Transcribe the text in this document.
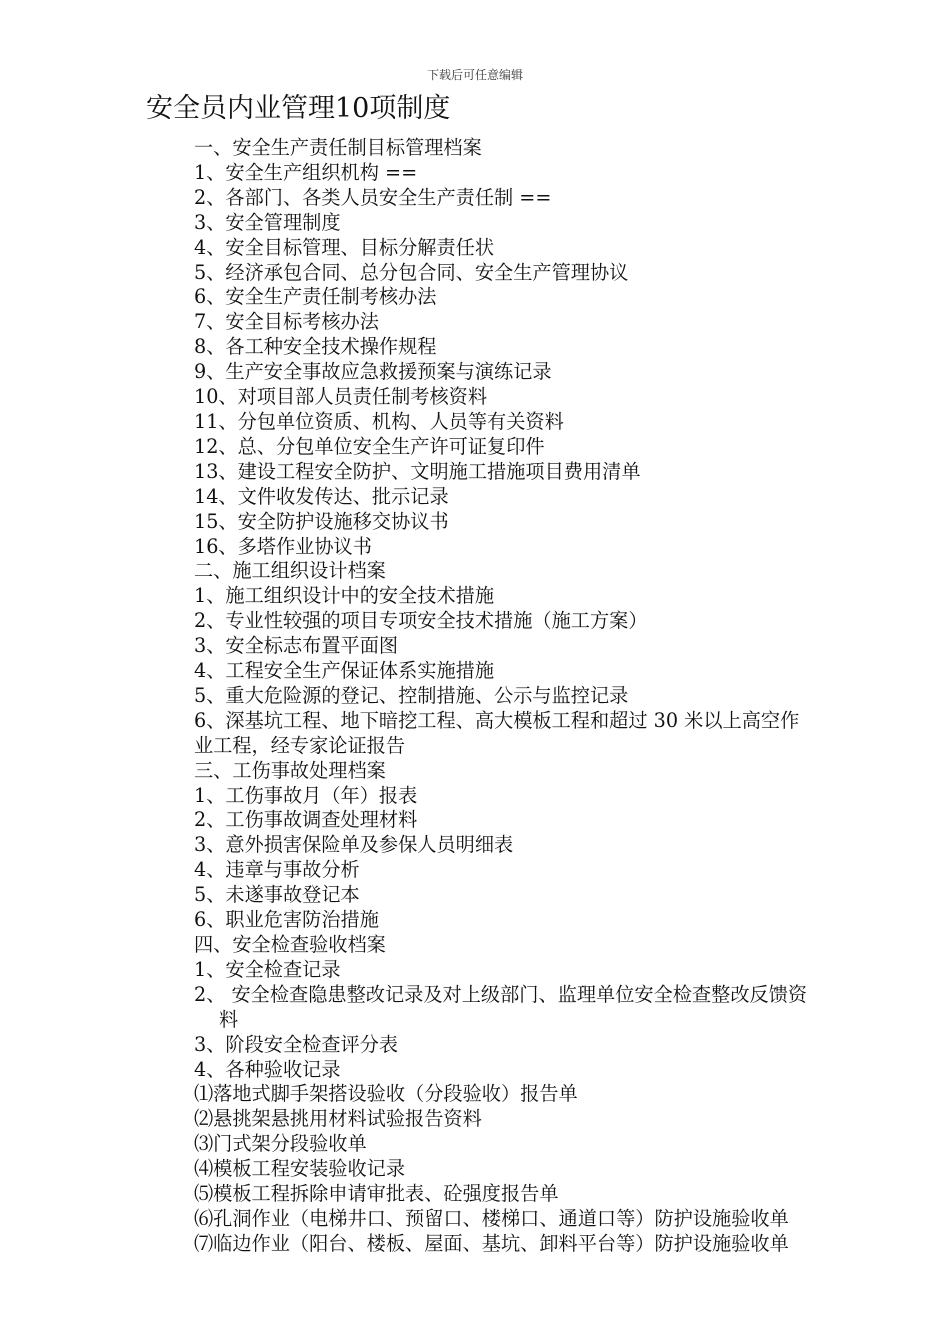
下载后可任意编辑
安全员内业管理10项制度
一、安全生产责任制目标管理档案
1、安全生产组织机构 ==
2、各部门、各类人员安全生产责任制 ==
3、安全管理制度
4、安全目标管理、目标分解责任状
5、经济承包合同、总分包合同、安全生产管理协议
6、安全生产责任制考核办法
7、安全目标考核办法
8、各工种安全技术操作规程
9、生产安全事故应急救援预案与演练记录
10、对项目部人员责任制考核资料
11、分包单位资质、机构、人员等有关资料
12、总、分包单位安全生产许可证复印件
13、建设工程安全防护、文明施工措施项目费用清单
14、文件收发传达、批示记录
15、安全防护设施移交协议书
16、多塔作业协议书
二、施工组织设计档案
1、施工组织设计中的安全技术措施
2、专业性较强的项目专项安全技术措施（施工方案）
3、安全标志布置平面图
4、工程安全生产保证体系实施措施
5、重大危险源的登记、控制措施、公示与监控记录
6、深基坑工程、地下暗挖工程、高大模板工程和超过 30 米以上高空作业工程，经专家论证报告
三、工伤事故处理档案
1、工伤事故月（年）报表
2、工伤事故调查处理材料
3、意外损害保险单及参保人员明细表
4、违章与事故分析
5、未遂事故登记本
6、职业危害防治措施
四、安全检查验收档案
1、安全检查记录
2、 安全检查隐患整改记录及对上级部门、监理单位安全检查整改反馈资料
3、阶段安全检查评分表
4、各种验收记录
⑴落地式脚手架搭设验收（分段验收）报告单
⑵悬挑架悬挑用材料试验报告资料
⑶门式架分段验收单
⑷模板工程安装验收记录
⑸模板工程拆除申请审批表、砼强度报告单
⑹孔洞作业（电梯井口、预留口、楼梯口、通道口等）防护设施验收单
⑺临边作业（阳台、楼板、屋面、基坑、卸料平台等）防护设施验收单
